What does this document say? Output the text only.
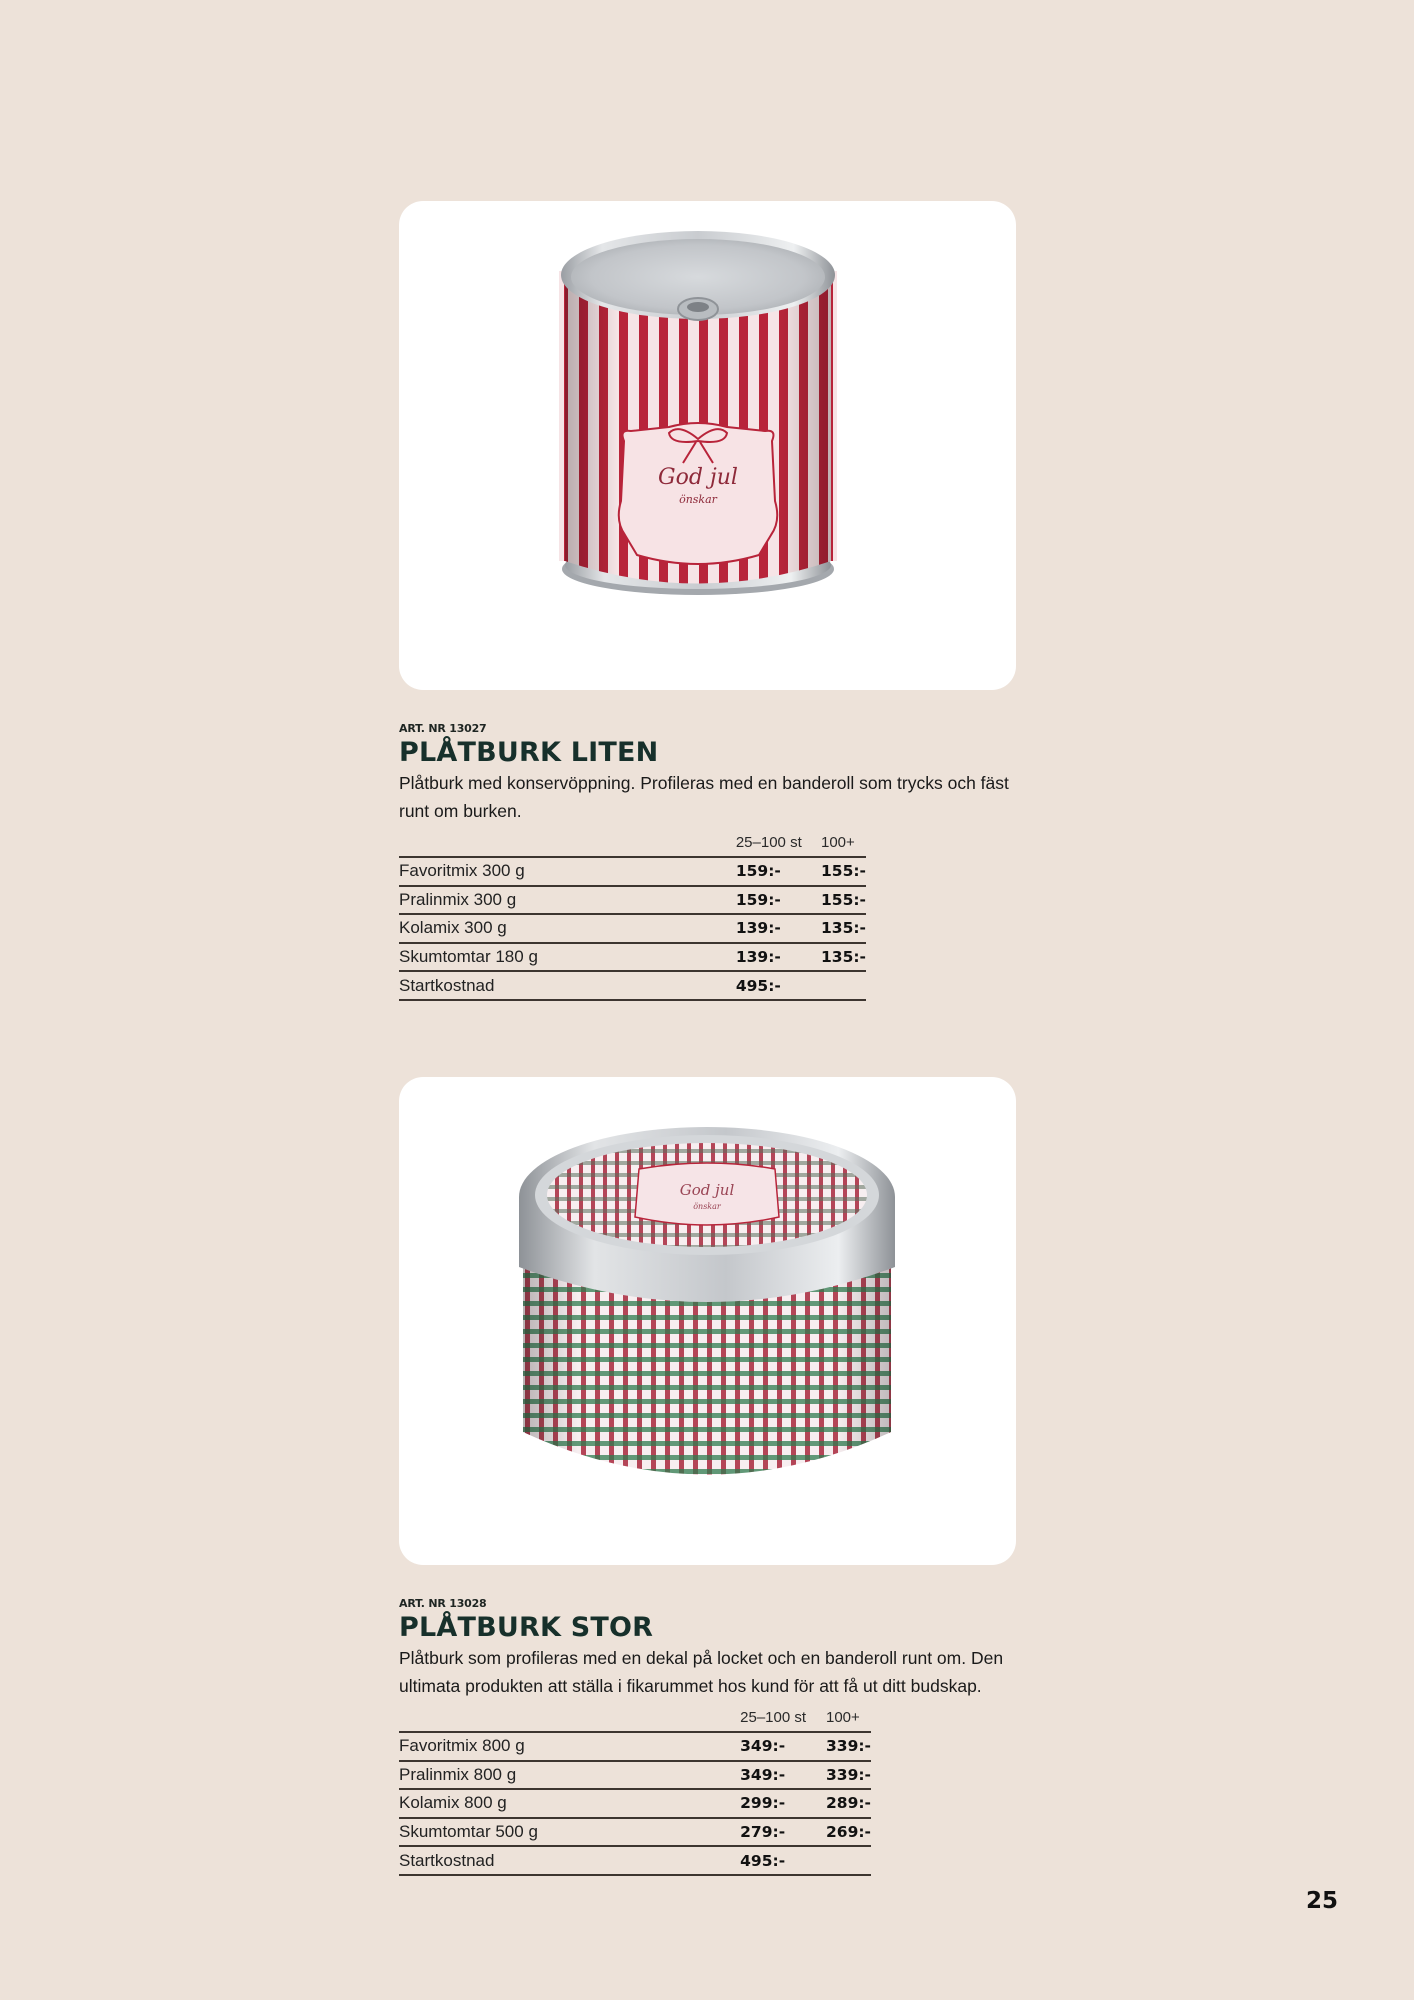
God jul
önskar
ART. NR 13027
PLÅTBURK LITEN
Plåtburk med konservöppning. Profileras med en banderoll som trycks och fäst runt om burken.
	25–100 st	100+
Favoritmix 300 g	159:-	155:-
Pralinmix 300 g	159:-	155:-
Kolamix 300 g	139:-	135:-
Skumtomtar 180 g	139:-	135:-
Startkostnad	495:-	
God jul
önskar
ART. NR 13028
PLÅTBURK STOR
Plåtburk som profileras med en dekal på locket och en banderoll runt om. Den ultimata produkten att ställa i fikarummet hos kund för att få ut ditt budskap.
	25–100 st	100+
Favoritmix 800 g	349:-	339:-
Pralinmix 800 g	349:-	339:-
Kolamix 800 g	299:-	289:-
Skumtomtar 500 g	279:-	269:-
Startkostnad	495:-	
25
